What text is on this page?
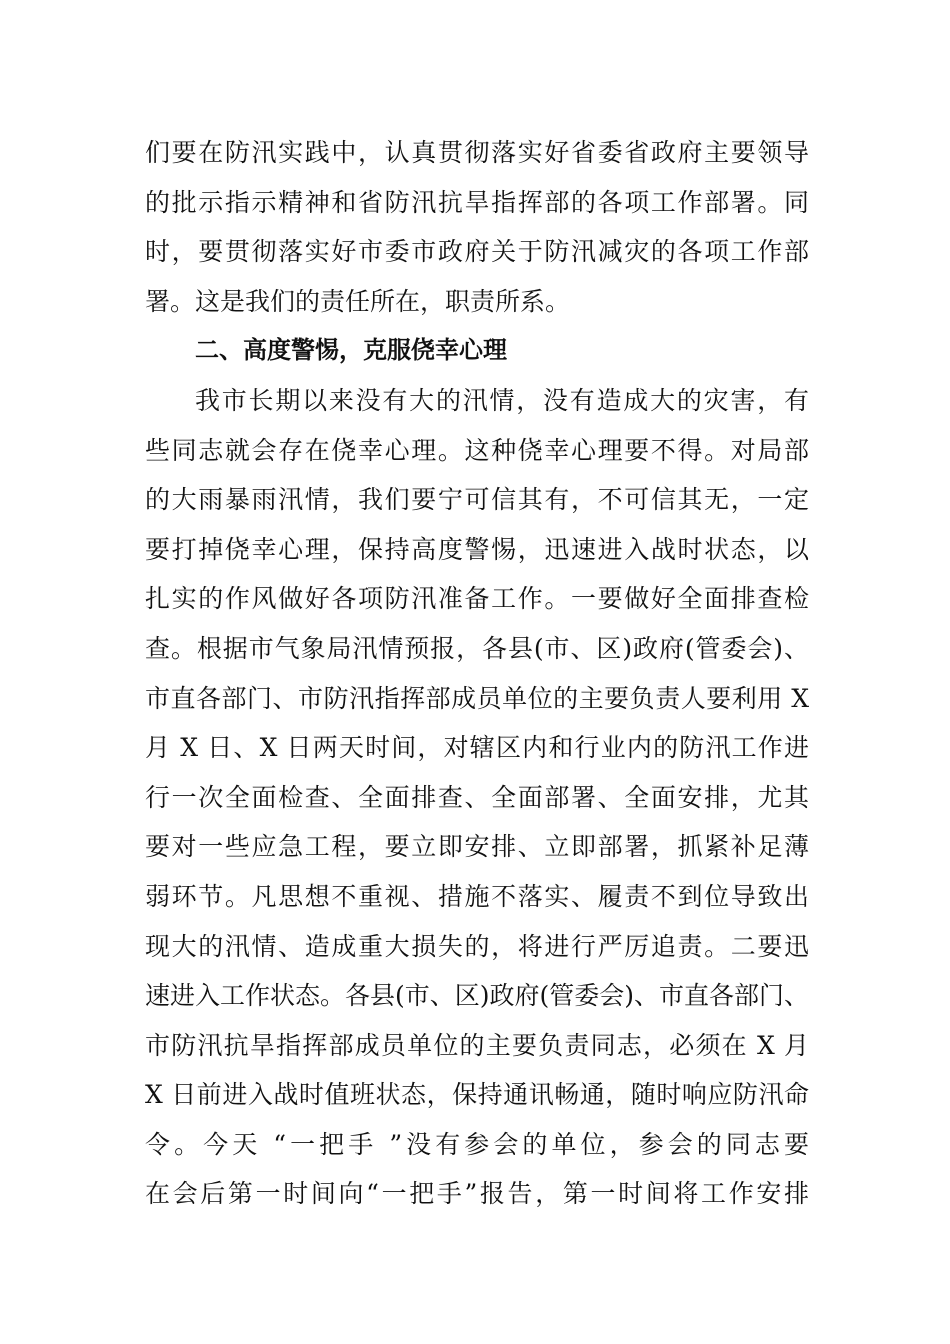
们要在防汛实践中，认真贯彻落实好省委省政府主要领导
的批示指示精神和省防汛抗旱指挥部的各项工作部署。同
时，要贯彻落实好市委市政府关于防汛减灾的各项工作部
署。这是我们的责任所在，职责所系。
二、高度警惕，克服侥幸心理
我市长期以来没有大的汛情，没有造成大的灾害，有
些同志就会存在侥幸心理。这种侥幸心理要不得。对局部
的大雨暴雨汛情，我们要宁可信其有，不可信其无，一定
要打掉侥幸心理，保持高度警惕，迅速进入战时状态，以
扎实的作风做好各项防汛准备工作。一要做好全面排查检
查。根据市气象局汛情预报，各县(市、区)政府(管委会)、
市直各部门、市防汛指挥部成员单位的主要负责人要利用 X
月 X 日、X 日两天时间，对辖区内和行业内的防汛工作进
行一次全面检查、全面排查、全面部署、全面安排，尤其
要对一些应急工程，要立即安排、立即部署，抓紧补足薄
弱环节。凡思想不重视、措施不落实、履责不到位导致出
现大的汛情、造成重大损失的，将进行严厉追责。二要迅
速进入工作状态。各县(市、区)政府(管委会)、市直各部门、
市防汛抗旱指挥部成员单位的主要负责同志，必须在 X 月
X 日前进入战时值班状态，保持通讯畅通，随时响应防汛命
令。今天 “一把手 ”没有参会的单位，参会的同志要
在会后第一时间向“一把手”报告，第一时间将工作安排
